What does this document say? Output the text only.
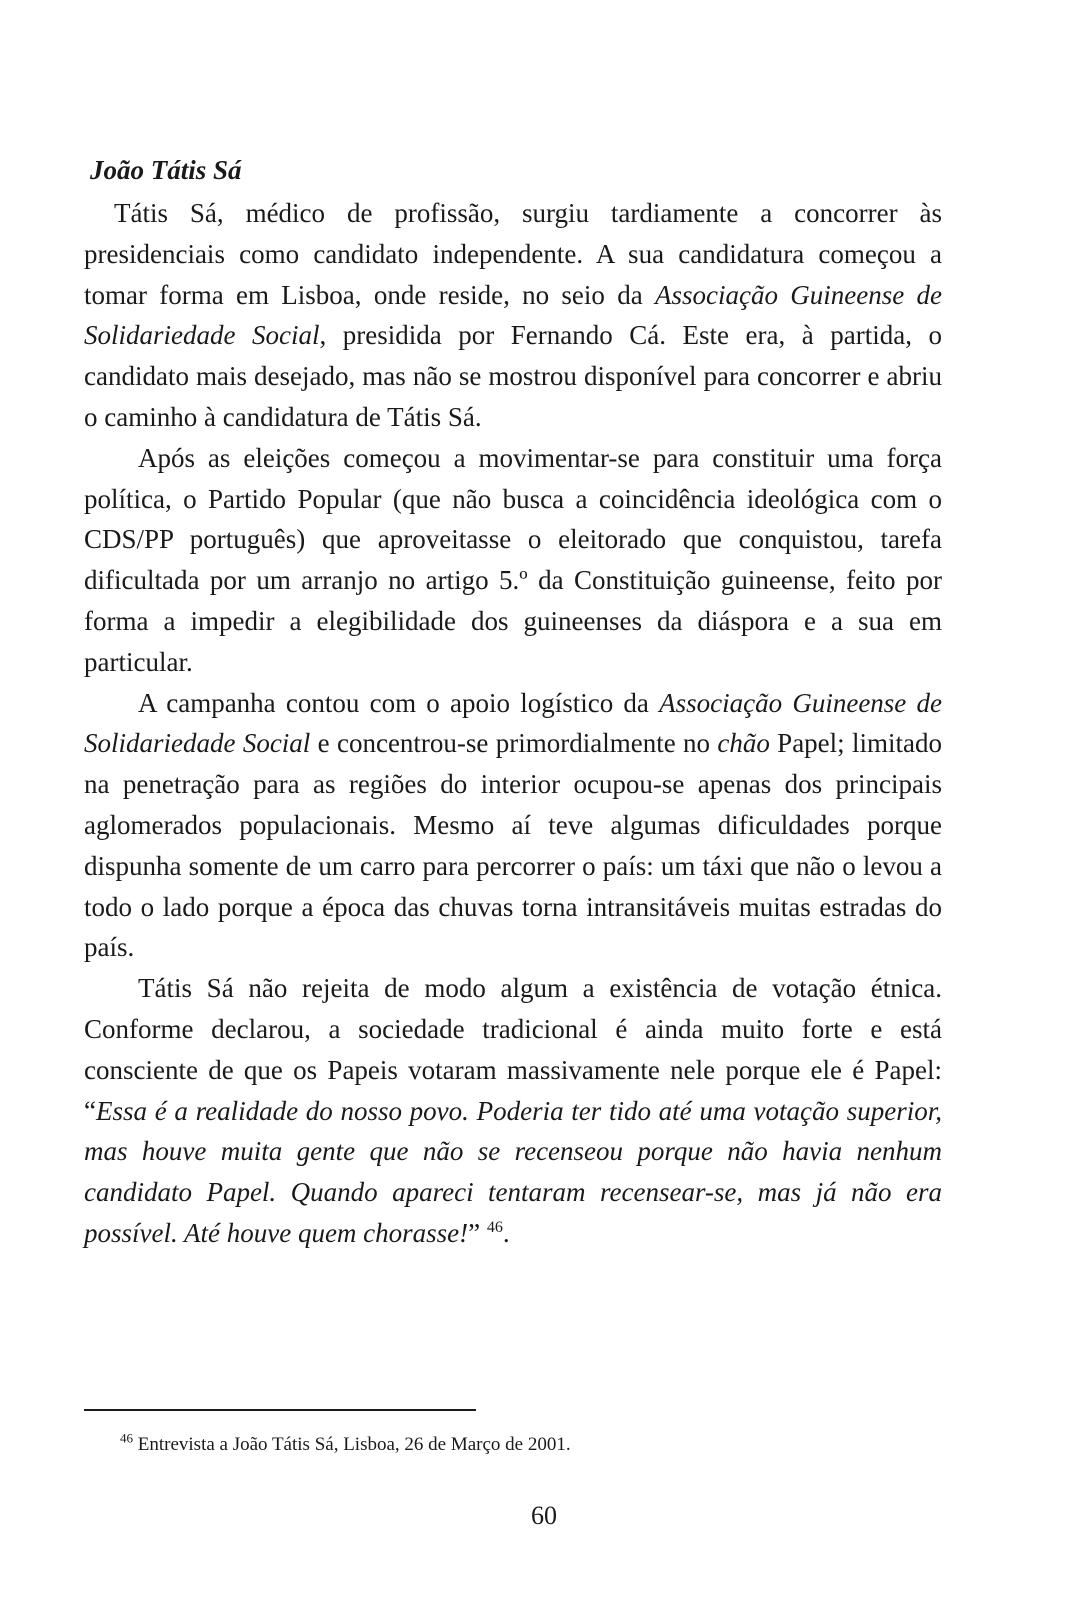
João Tátis Sá

Tátis Sá, médico de profissão, surgiu tardiamente a concorrer às presidenciais como candidato independente. A sua candidatura começou a tomar forma em Lisboa, onde reside, no seio da Associação Guineense de Solidariedade Social, presidida por Fernando Cá. Este era, à partida, o candidato mais desejado, mas não se mostrou disponível para concorrer e abriu o caminho à candidatura de Tátis Sá.

Após as eleições começou a movimentar-se para constituir uma força política, o Partido Popular (que não busca a coincidência ideológica com o CDS/PP português) que aproveitasse o eleitorado que conquistou, tarefa dificultada por um arranjo no artigo 5.º da Constituição guineense, feito por forma a impedir a elegibilidade dos guineenses da diáspora e a sua em particular.

A campanha contou com o apoio logístico da Associação Guineense de Solidariedade Social e concentrou-se primordialmente no chão Papel; limitado na penetração para as regiões do interior ocupou-se apenas dos principais aglomerados populacionais. Mesmo aí teve algumas dificuldades porque dispunha somente de um carro para percorrer o país: um táxi que não o levou a todo o lado porque a época das chuvas torna intransitáveis muitas estradas do país.

Tátis Sá não rejeita de modo algum a existência de votação étnica. Conforme declarou, a sociedade tradicional é ainda muito forte e está consciente de que os Papeis votaram massivamente nele porque ele é Papel: “Essa é a realidade do nosso povo. Poderia ter tido até uma votação superior, mas houve muita gente que não se recenseou porque não havia nenhum candidato Papel. Quando apareci tentaram recensear-se, mas já não era possível. Até houve quem chorasse!” $^{46}$.

$^{46}$ Entrevista a João Tátis Sá, Lisboa, 26 de Março de 2001.
60
